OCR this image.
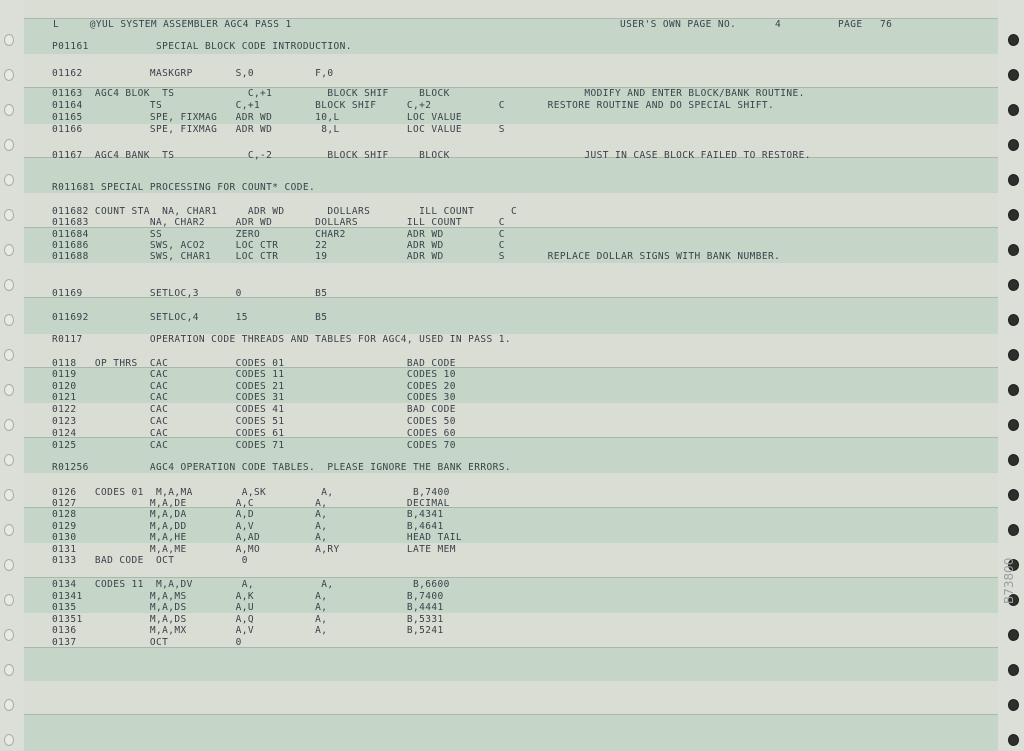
L     @YUL SYSTEM ASSEMBLER AGC4 PASS 1	USER'S OWN PAGE NO.	4	PAGE 76
P01161           SPECIAL BLOCK CODE INTRODUCTION.
01162           MASKGRP       S,0          F,0
01163  AGC4 BLOK  TS            C,+1         BLOCK SHIF     BLOCK                      MODIFY AND ENTER BLOCK/BANK ROUTINE.
01164           TS            C,+1         BLOCK SHIF     C,+2           C       RESTORE ROUTINE AND DO SPECIAL SHIFT.
01165           SPE, FIXMAG   ADR WD       10,L           LOC VALUE
01166           SPE, FIXMAG   ADR WD        8,L           LOC VALUE      S
01167  AGC4 BANK  TS            C,-2         BLOCK SHIF     BLOCK                      JUST IN CASE BLOCK FAILED TO RESTORE.
R011681 SPECIAL PROCESSING FOR COUNT* CODE.
011682 COUNT STA  NA, CHAR1     ADR WD       DOLLARS        ILL COUNT      C
011683          NA, CHAR2     ADR WD       DOLLARS        ILL COUNT      C
011684          SS            ZERO         CHAR2          ADR WD         C
011686          SWS, ACO2     LOC CTR      22             ADR WD         C
011688          SWS, CHAR1    LOC CTR      19             ADR WD         S       REPLACE DOLLAR SIGNS WITH BANK NUMBER.
01169           SETLOC,3      0            B5
011692          SETLOC,4      15           B5
R0117           OPERATION CODE THREADS AND TABLES FOR AGC4, USED IN PASS 1.
0118   OP THRS  CAC           CODES 01                    BAD CODE
0119            CAC           CODES 11                    CODES 10
0120            CAC           CODES 21                    CODES 20
0121            CAC           CODES 31                    CODES 30
0122            CAC           CODES 41                    BAD CODE
0123            CAC           CODES 51                    CODES 50
0124            CAC           CODES 61                    CODES 60
0125            CAC           CODES 71                    CODES 70
R01256          AGC4 OPERATION CODE TABLES.  PLEASE IGNORE THE BANK ERRORS.
0126   CODES 01  M,A,MA        A,SK         A,             B,7400
0127            M,A,DE        A,C          A,             DECIMAL
0128            M,A,DA        A,D          A,             B,4341
0129            M,A,DD        A,V          A,             B,4641
0130            M,A,HE        A,AD         A,             HEAD TAIL
0131            M,A,ME        A,MO         A,RY           LATE MEM
0133   BAD CODE  OCT           0
0134   CODES 11  M,A,DV        A,           A,             B,6600
01341           M,A,MS        A,K          A,             B,7400
0135            M,A,DS        A,U          A,             B,4441
01351           M,A,DS        A,Q          A,             B,5331
0136            M,A,MX        A,V          A,             B,5241
0137            OCT           0
B73800
